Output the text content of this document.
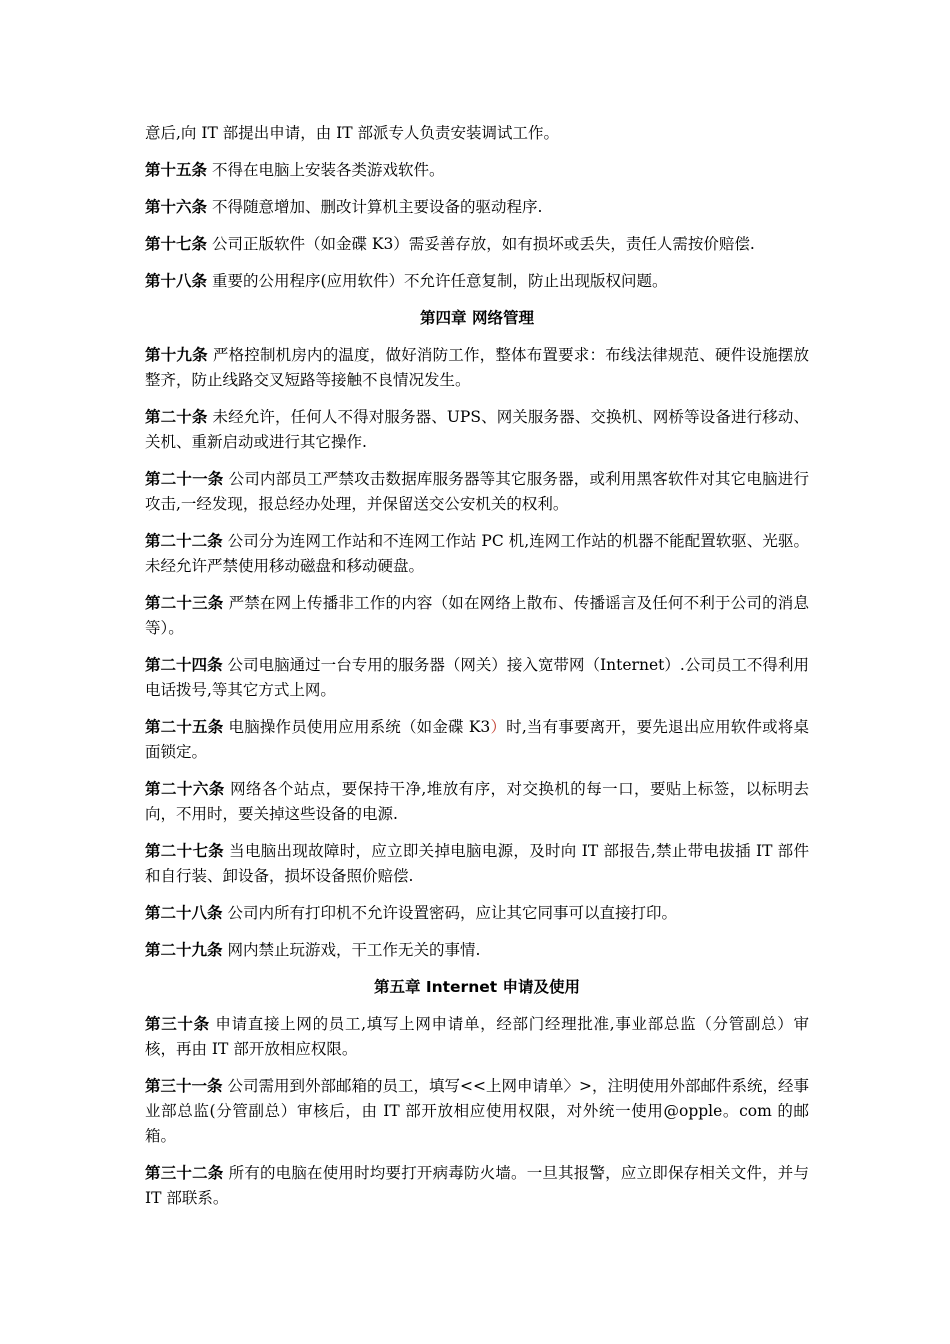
意后,向 IT 部提出申请，由 IT 部派专人负责安装调试工作。

第十五条 不得在电脑上安装各类游戏软件。

第十六条 不得随意增加、删改计算机主要设备的驱动程序.

第十七条 公司正版软件（如金碟 K3）需妥善存放，如有损坏或丢失，责任人需按价赔偿.

第十八条 重要的公用程序(应用软件）不允许任意复制，防止出现版权问题。

第四章 网络管理

第十九条 严格控制机房内的温度，做好消防工作，整体布置要求：布线法律规范、硬件设施摆放整齐，防止线路交叉短路等接触不良情况发生。

第二十条 未经允许，任何人不得对服务器、UPS、网关服务器、交换机、网桥等设备进行移动、关机、重新启动或进行其它操作.

第二十一条 公司内部员工严禁攻击数据库服务器等其它服务器，或利用黑客软件对其它电脑进行攻击,一经发现，报总经办处理，并保留送交公安机关的权利。

第二十二条 公司分为连网工作站和不连网工作站 PC 机,连网工作站的机器不能配置软驱、光驱。未经允许严禁使用移动磁盘和移动硬盘。

第二十三条 严禁在网上传播非工作的内容（如在网络上散布、传播谣言及任何不利于公司的消息等）。

第二十四条 公司电脑通过一台专用的服务器（网关）接入宽带网（Internet）.公司员工不得利用电话拨号,等其它方式上网。

第二十五条 电脑操作员使用应用系统（如金碟 K3）时,当有事要离开，要先退出应用软件或将桌面锁定。

第二十六条 网络各个站点，要保持干净,堆放有序，对交换机的每一口，要贴上标签，以标明去向，不用时，要关掉这些设备的电源.

第二十七条 当电脑出现故障时，应立即关掉电脑电源，及时向 IT 部报告,禁止带电拔插 IT 部件和自行装、卸设备，损坏设备照价赔偿.

第二十八条 公司内所有打印机不允许设置密码，应让其它同事可以直接打印。

第二十九条 网内禁止玩游戏，干工作无关的事情.

第五章 Internet 申请及使用

第三十条 申请直接上网的员工,填写上网申请单，经部门经理批准,事业部总监（分管副总）审核，再由 IT 部开放相应权限。

第三十一条 公司需用到外部邮箱的员工，填写<<上网申请单〉>，注明使用外部邮件系统，经事业部总监(分管副总）审核后，由 IT 部开放相应使用权限，对外统一使用@opple。com 的邮箱。

第三十二条 所有的电脑在使用时均要打开病毒防火墙。一旦其报警，应立即保存相关文件，并与 IT 部联系。
